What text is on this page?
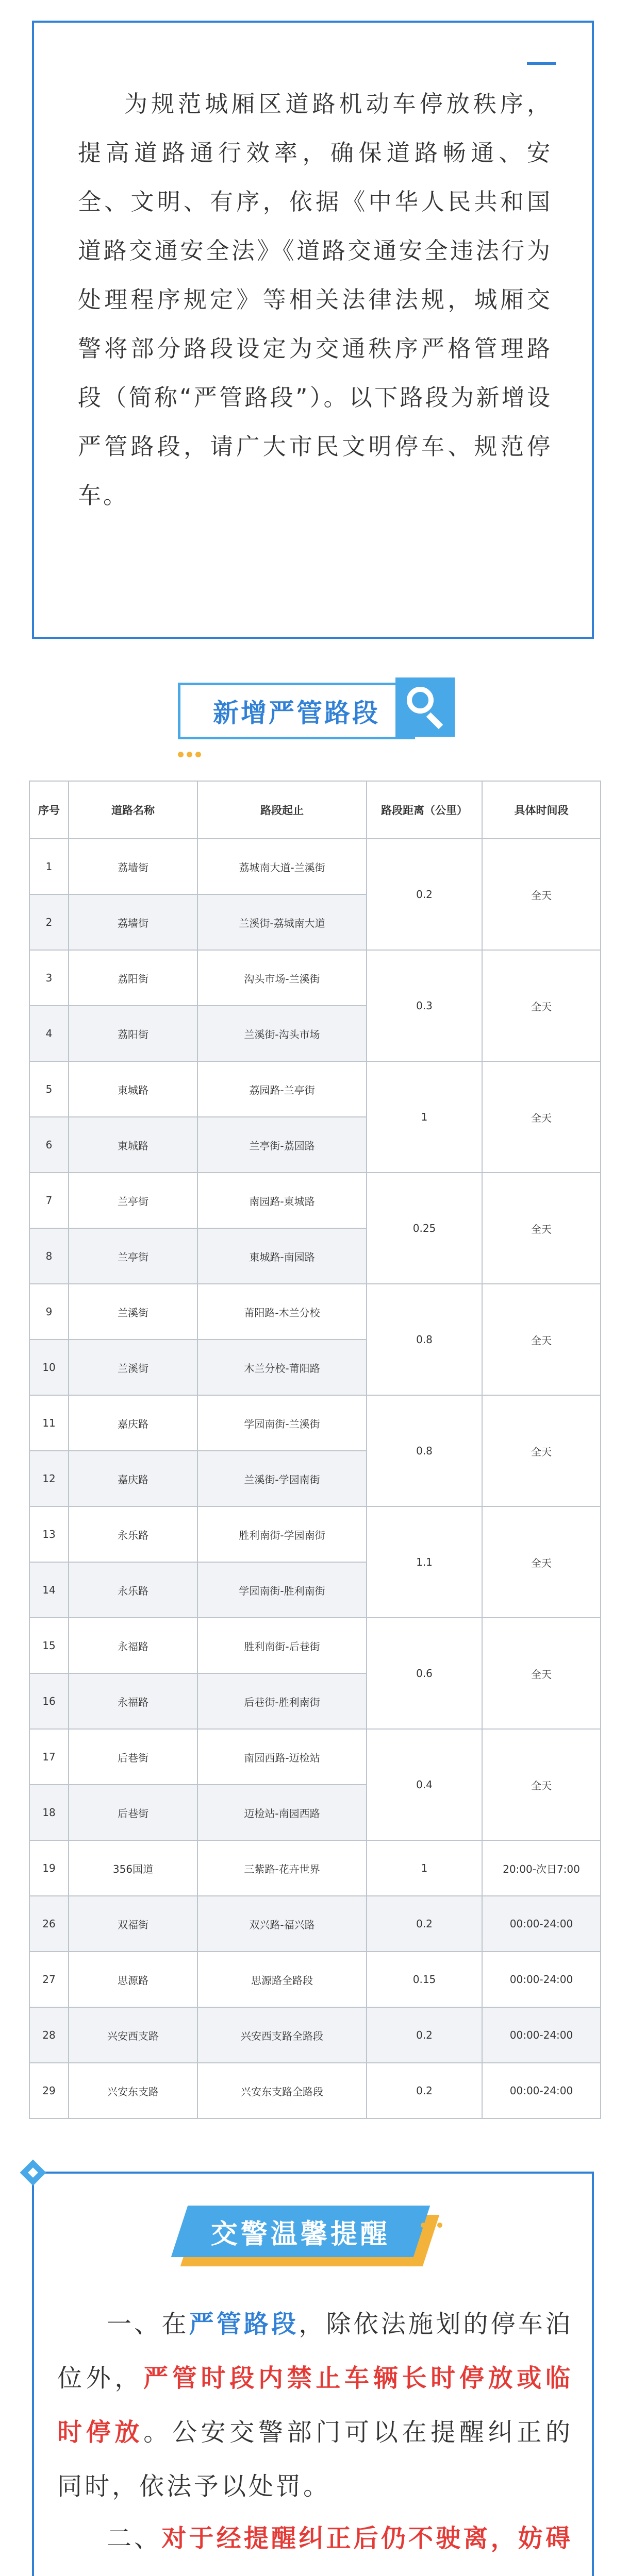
为规范城厢区道路机动车停放秩序，提高道路通行效率，确保道路畅通、安全、文明、有序，依据《中华人民共和国道路交通安全法》《道路交通安全违法行为处理程序规定》等相关法律法规，城厢交警将部分路段设定为交通秩序严格管理路段（简称“严管路段”）。以下路段为新增设严管路段，请广大市民文明停车、规范停车。

新增严管路段
序号	道路名称	路段起止	路段距离（公里）	具体时间段
1	荔墙街	荔城南大道-兰溪街	0.2	全天
2	荔墙街	兰溪街-荔城南大道		
3	荔阳街	沟头市场-兰溪街	0.3	全天
4	荔阳街	兰溪街-沟头市场		
5	東城路	荔园路-兰亭街	1	全天
6	東城路	兰亭街-荔园路		
7	兰亭街	南园路-東城路	0.25	全天
8	兰亭街	東城路-南园路		
9	兰溪街	莆阳路-木兰分校	0.8	全天
10	兰溪街	木兰分校-莆阳路		
11	嘉庆路	学园南街-兰溪街	0.8	全天
12	嘉庆路	兰溪街-学园南街		
13	永乐路	胜利南街-学园南街	1.1	全天
14	永乐路	学园南街-胜利南街		
15	永福路	胜利南街-后巷街	0.6	全天
16	永福路	后巷街-胜利南街		
17	后巷街	南园西路-迈检站	0.4	全天
18	后巷街	迈检站-南园西路		
19	356国道	三紫路-花卉世界	1	20:00-次日7:00
26	双福街	双兴路-福兴路	0.2	00:00-24:00
27	思源路	思源路全路段	0.15	00:00-24:00
28	兴安西支路	兴安西支路全路段	0.2	00:00-24:00
29	兴安东支路	兴安东支路全路段	0.2	00:00-24:00
交警温馨提醒

一、在严管路段，除依法施划的停车泊位外，严管时段内禁止车辆长时停放或临时停放。公安交警部门可以在提醒纠正的同时，依法予以处罚。

二、对于经提醒纠正后仍不驶离，妨碍
